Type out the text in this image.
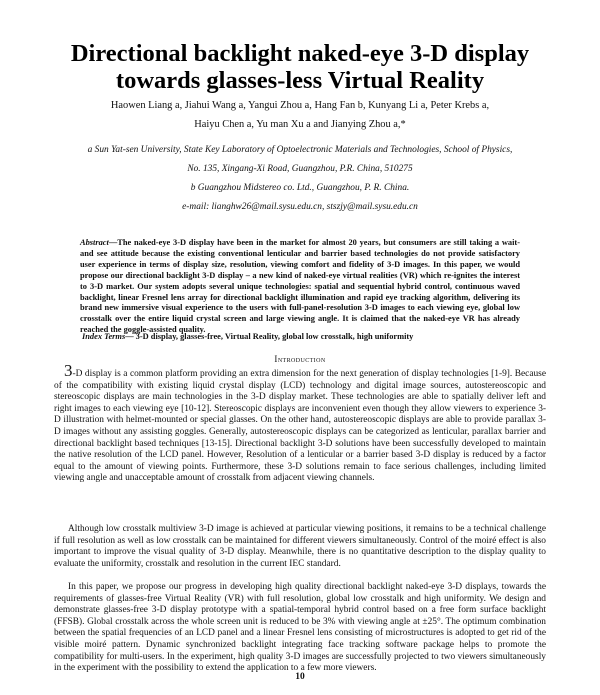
Directional backlight naked-eye 3-D display
towards glasses-less Virtual Reality
Haowen Liang a, Jiahui Wang a, Yangui Zhou a, Hang Fan b, Kunyang Li a, Peter Krebs a,
Haiyu Chen a, Yu man Xu a and Jianying Zhou a,*
a Sun Yat-sen University, State Key Laboratory of Optoelectronic Materials and Technologies, School of Physics,
No. 135, Xingang-Xi Road, Guangzhou, P.R. China, 510275
b Guangzhou Midstereo co. Ltd., Guangzhou, P. R. China.
e-mail: lianghw26@mail.sysu.edu.cn, stszjy@mail.sysu.edu.cn
Abstract—The naked-eye 3-D display have been in the market for almost 20 years, but consumers are still taking a wait-and see attitude because the existing conventional lenticular and barrier based technologies do not provide satisfactory user experience in terms of display size, resolution, viewing comfort and fidelity of 3-D images. In this paper, we would propose our directional backlight 3-D display – a new kind of naked-eye virtual realities (VR) which re-ignites the interest to 3-D market. Our system adopts several unique technologies: spatial and sequential hybrid control, continuous waved backlight, linear Fresnel lens array for directional backlight illumination and rapid eye tracking algorithm, delivering its brand new immersive visual experience to the users with full-panel-resolution 3-D images to each viewing eye, global low crosstalk over the entire liquid crystal screen and large viewing angle. It is claimed that the naked-eye VR has already reached the goggle-assisted quality.
Index Terms— 3-D display, glasses-free, Virtual Reality, global low crosstalk, high uniformity
Introduction
3-D display is a common platform providing an extra dimension for the next generation of display technologies [1-9]. Because of the compatibility with existing liquid crystal display (LCD) technology and digital image sources, autostereoscopic and stereoscopic displays are main technologies in the 3-D display market. These technologies are able to spatially deliver left and right images to each viewing eye [10-12]. Stereoscopic displays are inconvenient even though they allow viewers to experience 3-D illustration with helmet-mounted or special glasses. On the other hand, autostereoscopic displays are able to provide parallax 3-D images without any assisting goggles. Generally, autostereoscopic displays can be categorized as lenticular, parallax barrier and directional backlight based techniques [13-15]. Directional backlight 3-D solutions have been successfully developed to maintain the native resolution of the LCD panel. However, Resolution of a lenticular or a barrier based 3-D display is reduced by a factor equal to the amount of viewing points. Furthermore, these 3-D solutions remain to face serious challenges, including limited viewing angle and unacceptable amount of crosstalk from adjacent viewing channels.
Although low crosstalk multiview 3-D image is achieved at particular viewing positions, it remains to be a technical challenge if full resolution as well as low crosstalk can be maintained for different viewers simultaneously. Control of the moiré effect is also important to improve the visual quality of 3-D display. Meanwhile, there is no quantitative description to the display quality to evaluate the uniformity, crosstalk and resolution in the current IEC standard.
In this paper, we propose our progress in developing high quality directional backlight naked-eye 3-D displays, towards the requirements of glasses-free Virtual Reality (VR) with full resolution, global low crosstalk and high uniformity. We design and demonstrate glasses-free 3-D display prototype with a spatial-temporal hybrid control based on a free form surface backlight (FFSB). Global crosstalk across the whole screen unit is reduced to be 3% with viewing angle at ±25°. The optimum combination between the spatial frequencies of an LCD panel and a linear Fresnel lens consisting of microstructures is adopted to get rid of the visible moiré pattern. Dynamic synchronized backlight integrating face tracking software package helps to promote the compatibility for multi-users. In the experiment, high quality 3-D images are successfully projected to two viewers simultaneously in the experiment with the possibility to extend the application to a few more viewers.
10
